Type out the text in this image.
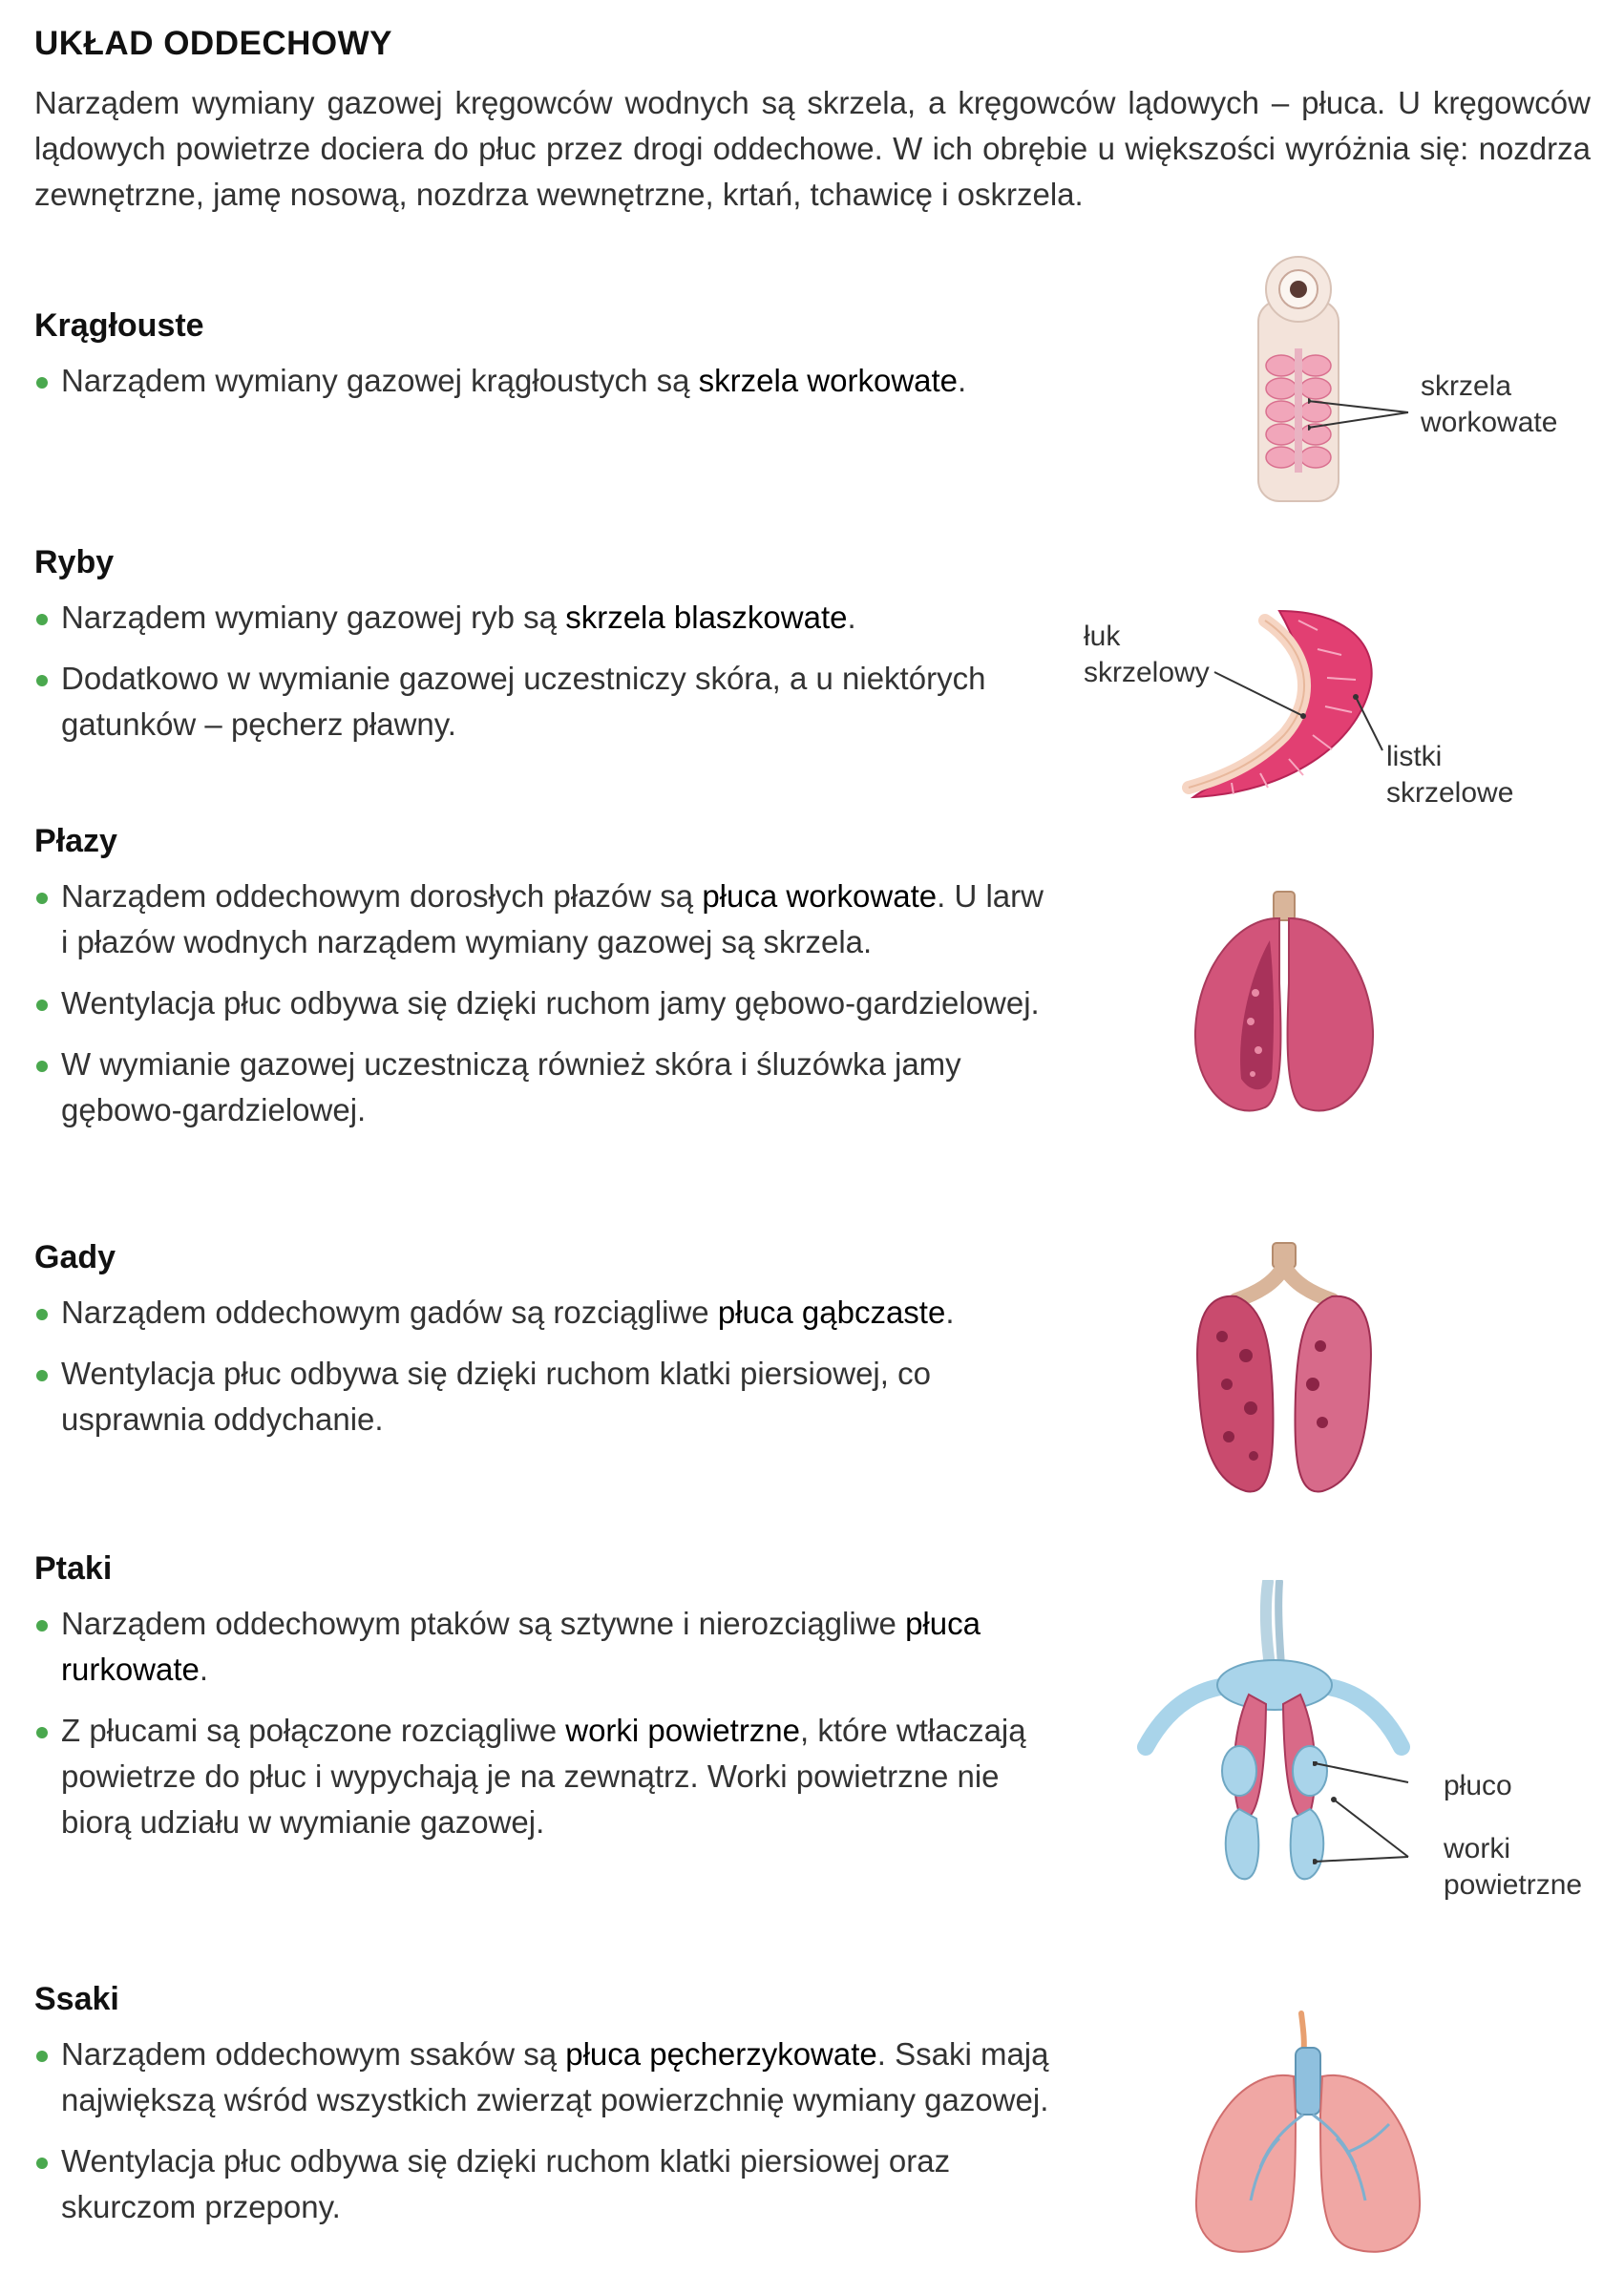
UKŁAD ODDECHOWY

Narządem wymiany gazowej kręgowców wodnych są skrzela, a kręgowców lądowych – płuca. U kręgowców lądowych powietrze dociera do płuc przez drogi oddechowe. W ich obrębie u większości wyróżnia się: nozdrza zewnętrzne, jamę nosową, nozdrza wewnętrzne, krtań, tchawicę i oskrzela.

Krągłouste
Narządem wymiany gazowej krągłoustych są skrzela workowate.
Ryby
Narządem wymiany gazowej ryb są skrzela blaszkowate.
Dodatkowo w wymianie gazowej uczestniczy skóra, a u niektórych gatunków – pęcherz pławny.
Płazy
Narządem oddechowym dorosłych płazów są płuca workowate. U larw i płazów wodnych narządem wymiany gazowej są skrzela.
Wentylacja płuc odbywa się dzięki ruchom jamy gębowo-gardzielowej.
W wymianie gazowej uczestniczą również skóra i śluzówka jamy gębowo-gardzielowej.
Gady
Narządem oddechowym gadów są rozciągliwe płuca gąbczaste.
Wentylacja płuc odbywa się dzięki ruchom klatki piersiowej, co usprawnia oddychanie.
Ptaki
Narządem oddechowym ptaków są sztywne i nierozciągliwe płuca rurkowate.
Z płucami są połączone rozciągliwe worki powietrzne, które wtłaczają powietrze do płuc i wypychają je na zewnątrz. Worki powietrzne nie biorą udziału w wymianie gazowej.
Ssaki
Narządem oddechowym ssaków są płuca pęcherzykowate. Ssaki mają największą wśród wszystkich zwierząt powierzchnię wymiany gazowej.
Wentylacja płuc odbywa się dzięki ruchom klatki piersiowej oraz skurczom przepony.
skrzela
workowate
łuk
skrzelowy
listki
skrzelowe
płuco
worki
powietrzne
